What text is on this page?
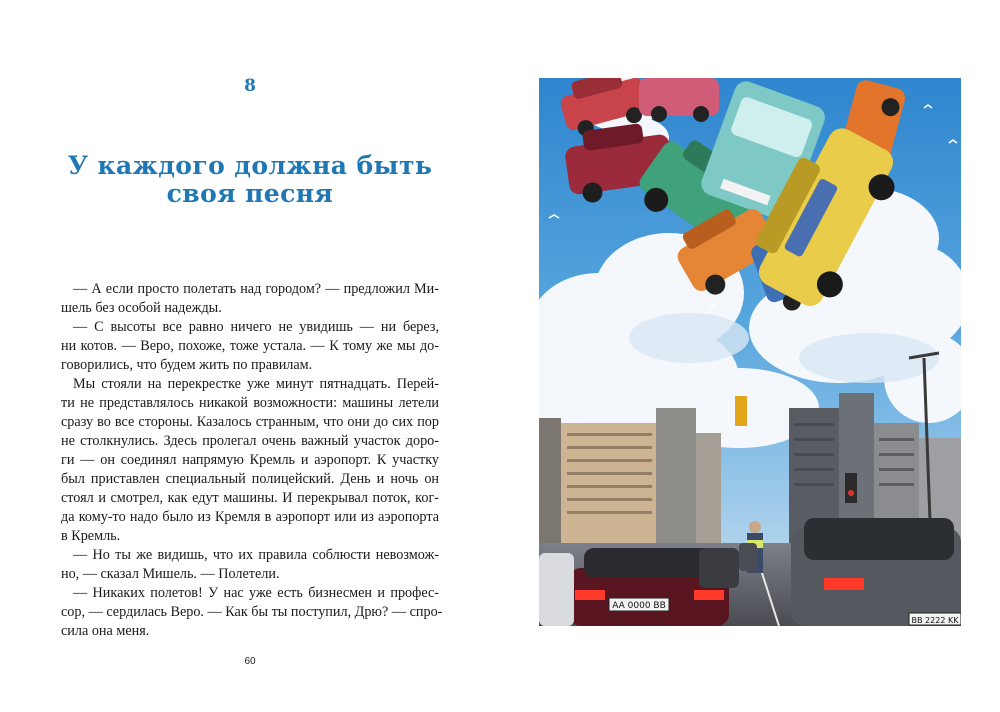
8
У каждого должна быть
своя песня
— А если просто полетать над городом? — предложил Ми-
шель без особой надежды.
— С высоты все равно ничего не увидишь — ни берез,
ни котов. — Веро, похоже, тоже устала. — К тому же мы до-
говорились, что будем жить по правилам.
Мы стояли на перекрестке уже минут пятнадцать. Перей-
ти не представлялось никакой возможности: машины летели
сразу во все стороны. Казалось странным, что они до сих пор
не столкнулись. Здесь пролегал очень важный участок доро-
ги — он соединял напрямую Кремль и аэропорт. К участку
был приставлен специальный полицейский. День и ночь он
стоял и смотрел, как едут машины. И перекрывал поток, ког-
да кому-то надо было из Кремля в аэропорт или из аэропорта
в Кремль.
— Но ты же видишь, что их правила соблюсти невозмож-
но, — сказал Мишель. — Полетели.
— Никаких полетов! У нас уже есть бизнесмен и профес-
сор, — сердилась Веро. — Как бы ты поступил, Дрю? — спро-
сила она меня.
60
AA 0000 BB
BB 2222 KK
